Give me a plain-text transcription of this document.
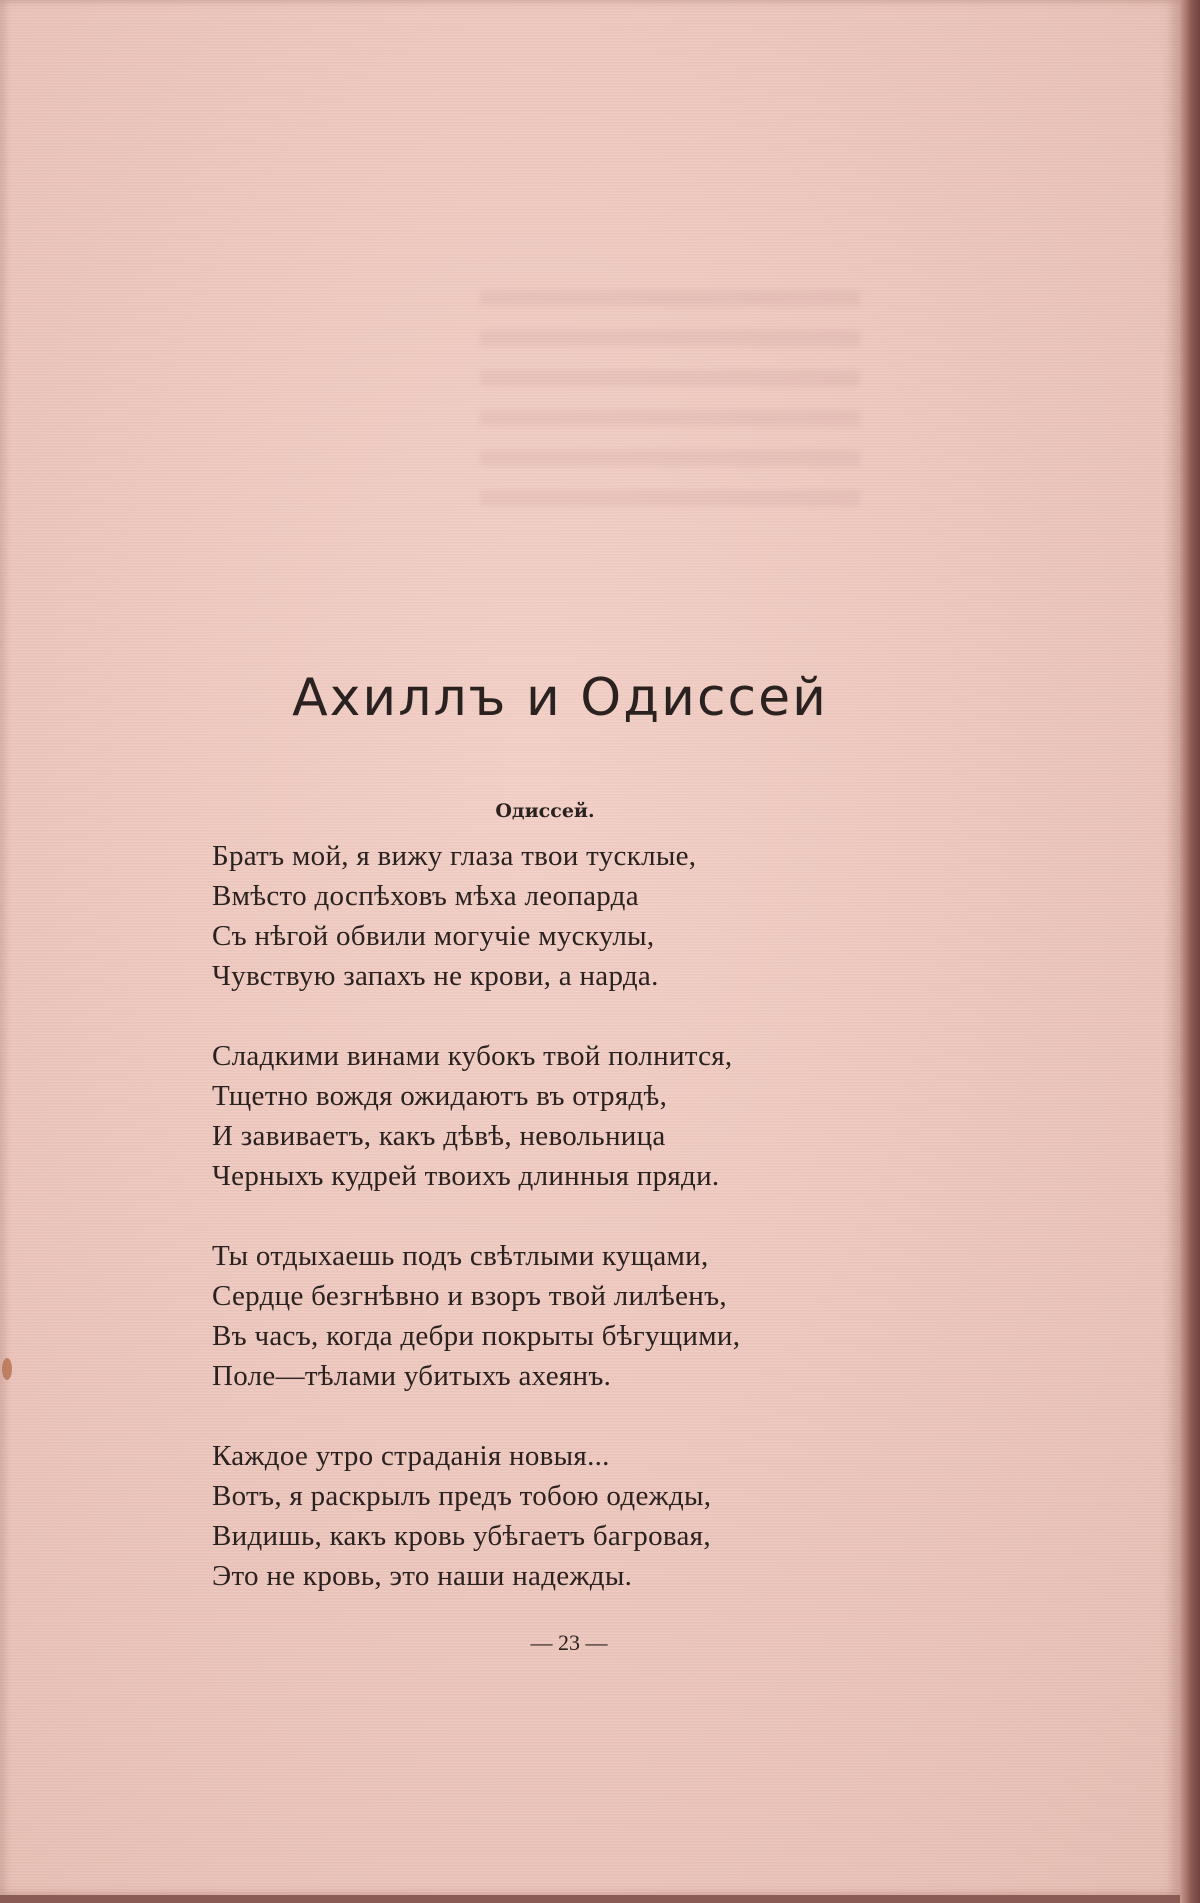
Ахиллъ и Одиссей
Одиссей.
Братъ мой, я вижу глаза твои тусклые,
Вмѣсто доспѣховъ мѣха леопарда
Съ нѣгой обвили могучіе мускулы,
Чувствую запахъ не крови, а нарда.
Сладкими винами кубокъ твой полнится,
Тщетно вождя ожидаютъ въ отрядѣ,
И завиваетъ, какъ дѣвѣ, невольница
Черныхъ кудрей твоихъ длинныя пряди.
Ты отдыхаешь подъ свѣтлыми кущами,
Сердце безгнѣвно и взоръ твой лилѣенъ,
Въ часъ, когда дебри покрыты бѣгущими,
Поле—тѣлами убитыхъ ахеянъ.
Каждое утро страданія новыя...
Вотъ, я раскрылъ предъ тобою одежды,
Видишь, какъ кровь убѣгаетъ багровая,
Это не кровь, это наши надежды.
— 23 —
